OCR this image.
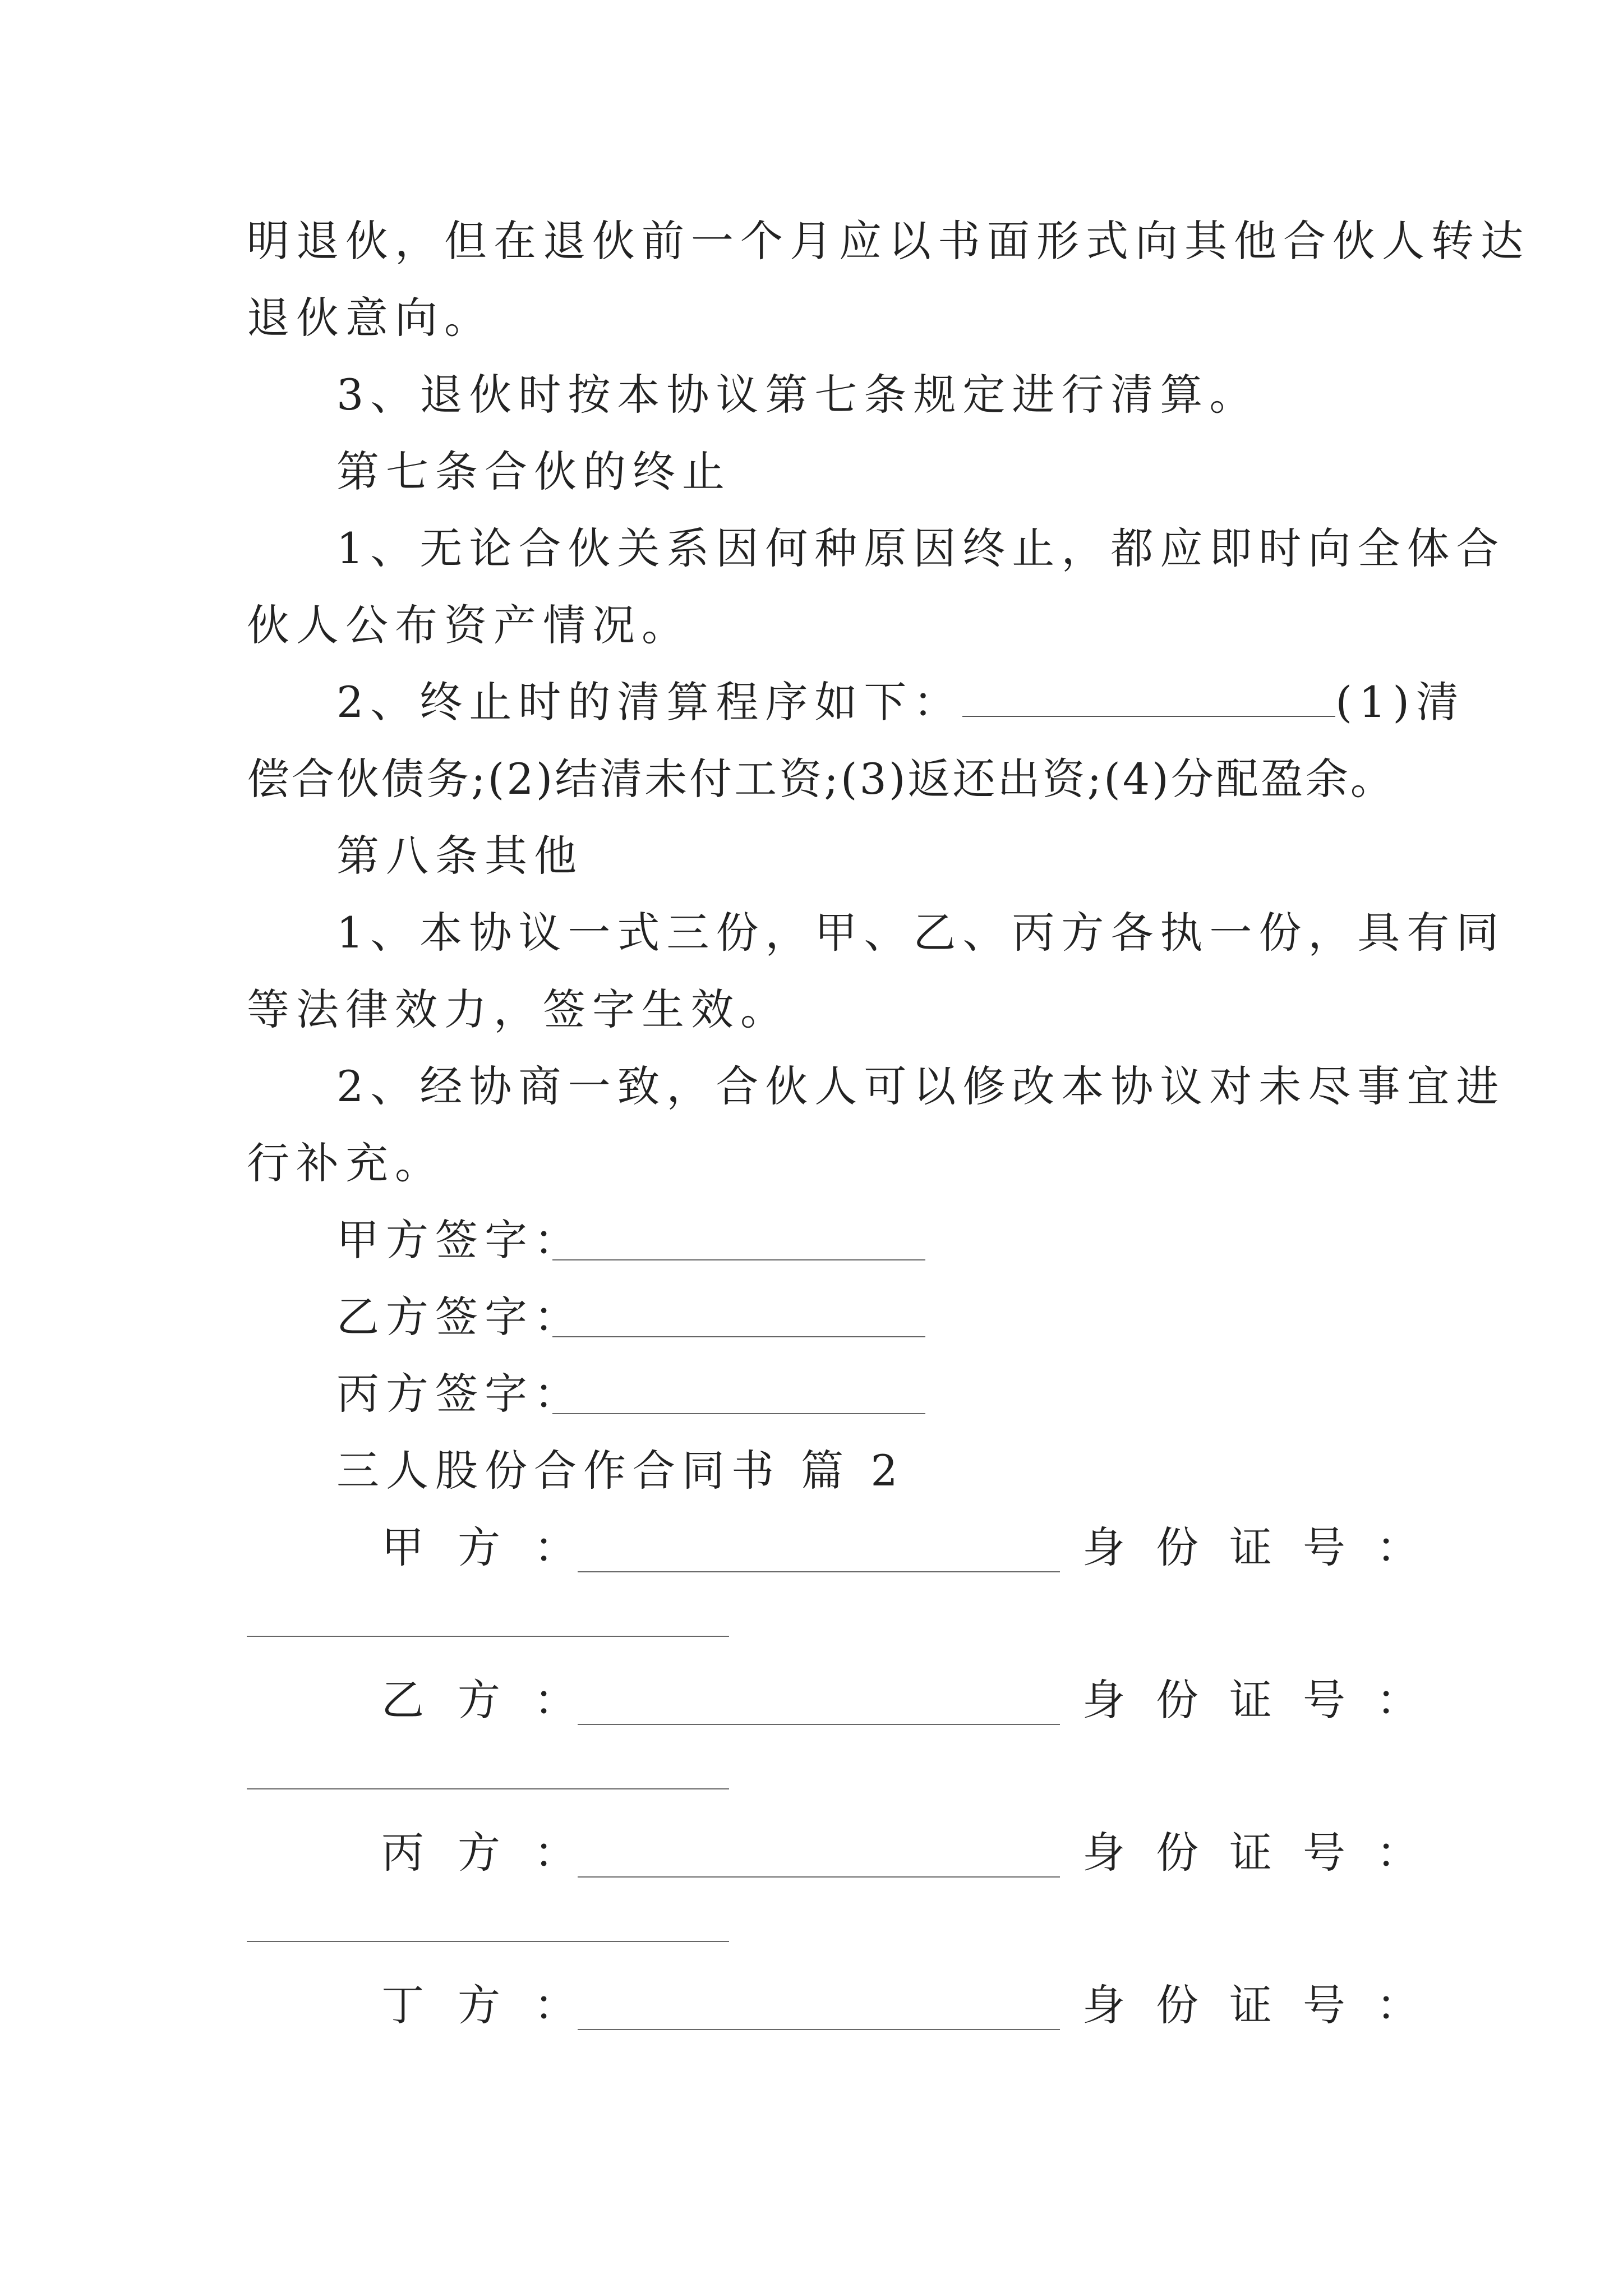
明退伙，但在退伙前一个月应以书面形式向其他合伙人转达
退伙意向。
3、退伙时按本协议第七条规定进行清算。
第七条合伙的终止
1、无论合伙关系因何种原因终止，都应即时向全体合
伙人公布资产情况。
2、终止时的清算程序如下：	(1)清
偿合伙债务;(2)结清未付工资;(3)返还出资;(4)分配盈余。
第八条其他
1、本协议一式三份，甲、乙、丙方各执一份，具有同
等法律效力，签字生效。
2、经协商一致，合伙人可以修改本协议对未尽事宜进
行补充。
甲方签字：
乙方签字：
丙方签字：
三人股份合作合同书 篇 2
甲方：	身份证号：
乙方：	身份证号：
丙方：	身份证号：
丁方：	身份证号：
